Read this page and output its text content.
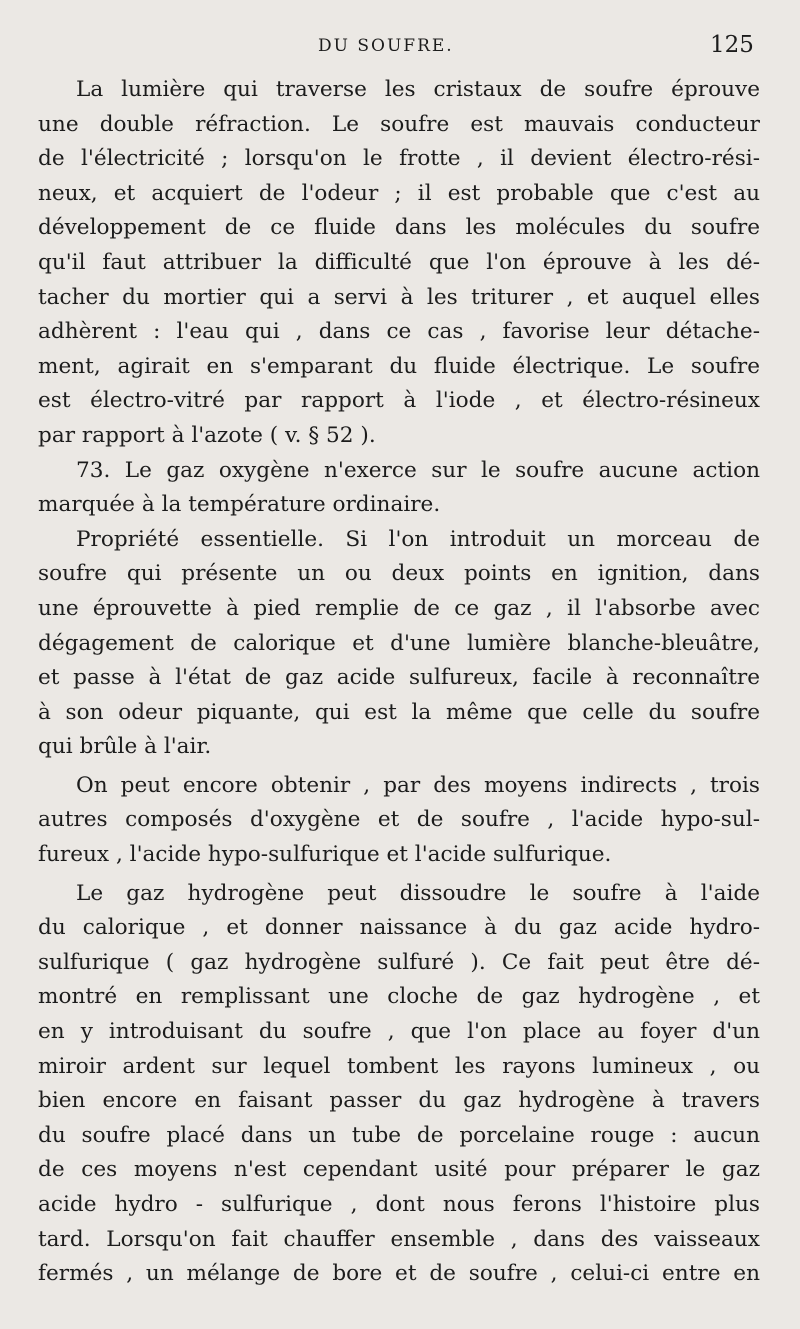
DU SOUFRE.	125
La lumière qui traverse les cristaux de soufre éprouve
une double réfraction. Le soufre est mauvais conducteur
de l'électricité ; lorsqu'on le frotte , il devient électro-rési-
neux, et acquiert de l'odeur ; il est probable que c'est au
développement de ce fluide dans les molécules du soufre
qu'il faut attribuer la difficulté que l'on éprouve à les dé-
tacher du mortier qui a servi à les triturer , et auquel elles
adhèrent : l'eau qui , dans ce cas , favorise leur détache-
ment, agirait en s'emparant du fluide électrique. Le soufre
est électro-vitré par rapport à l'iode , et électro-résineux
par rapport à l'azote ( v. § 52 ).
73. Le gaz oxygène n'exerce sur le soufre aucune action
marquée à la température ordinaire.
Propriété essentielle. Si l'on introduit un morceau de
soufre qui présente un ou deux points en ignition, dans
une éprouvette à pied remplie de ce gaz , il l'absorbe avec
dégagement de calorique et d'une lumière blanche-bleuâtre,
et passe à l'état de gaz acide sulfureux, facile à reconnaître
à son odeur piquante, qui est la même que celle du soufre
qui brûle à l'air.
On peut encore obtenir , par des moyens indirects , trois
autres composés d'oxygène et de soufre , l'acide hypo-sul-
fureux , l'acide hypo-sulfurique et l'acide sulfurique.
Le gaz hydrogène peut dissoudre le soufre à l'aide
du calorique , et donner naissance à du gaz acide hydro-
sulfurique ( gaz hydrogène sulfuré ). Ce fait peut être dé-
montré en remplissant une cloche de gaz hydrogène , et
en y introduisant du soufre , que l'on place au foyer d'un
miroir ardent sur lequel tombent les rayons lumineux , ou
bien encore en faisant passer du gaz hydrogène à travers
du soufre placé dans un tube de porcelaine rouge : aucun
de ces moyens n'est cependant usité pour préparer le gaz
acide hydro - sulfurique , dont nous ferons l'histoire plus
tard. Lorsqu'on fait chauffer ensemble , dans des vaisseaux
fermés , un mélange de bore et de soufre , celui-ci entre en
